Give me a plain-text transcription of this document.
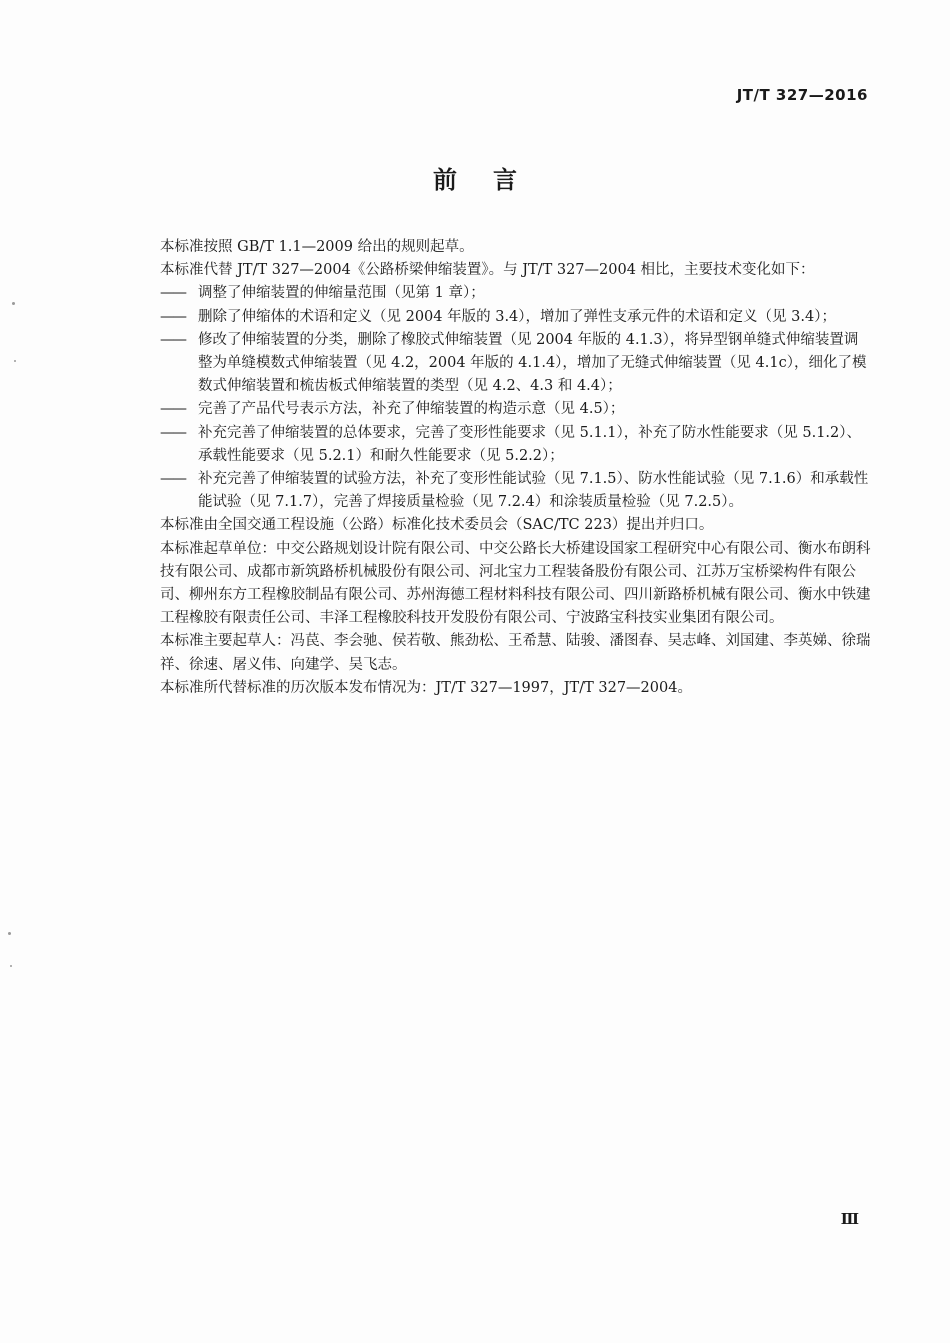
JT/T 327—2016
前言

本标准按照 GB/T 1.1—2009 给出的规则起草。

本标准代替 JT/T 327—2004《公路桥梁伸缩装置》。与 JT/T 327—2004 相比，主要技术变化如下：

—— 调整了伸缩装置的伸缩量范围（见第 1 章）；

—— 删除了伸缩体的术语和定义（见 2004 年版的 3.4），增加了弹性支承元件的术语和定义（见 3.4）；

—— 修改了伸缩装置的分类，删除了橡胶式伸缩装置（见 2004 年版的 4.1.3），将异型钢单缝式伸缩装置调整为单缝模数式伸缩装置（见 4.2，2004 年版的 4.1.4），增加了无缝式伸缩装置（见 4.1c），细化了模数式伸缩装置和梳齿板式伸缩装置的类型（见 4.2、4.3 和 4.4）；

—— 完善了产品代号表示方法，补充了伸缩装置的构造示意（见 4.5）；

—— 补充完善了伸缩装置的总体要求，完善了变形性能要求（见 5.1.1），补充了防水性能要求（见 5.1.2）、承载性能要求（见 5.2.1）和耐久性能要求（见 5.2.2）；

—— 补充完善了伸缩装置的试验方法，补充了变形性能试验（见 7.1.5）、防水性能试验（见 7.1.6）和承载性能试验（见 7.1.7），完善了焊接质量检验（见 7.2.4）和涂装质量检验（见 7.2.5）。

本标准由全国交通工程设施（公路）标准化技术委员会（SAC/TC 223）提出并归口。

本标准起草单位：中交公路规划设计院有限公司、中交公路长大桥建设国家工程研究中心有限公司、衡水布朗科技有限公司、成都市新筑路桥机械股份有限公司、河北宝力工程装备股份有限公司、江苏万宝桥梁构件有限公司、柳州东方工程橡胶制品有限公司、苏州海德工程材料科技有限公司、四川新路桥机械有限公司、衡水中铁建工程橡胶有限责任公司、丰泽工程橡胶科技开发股份有限公司、宁波路宝科技实业集团有限公司。

本标准主要起草人：冯苠、李会驰、侯若敬、熊劲松、王希慧、陆骏、潘图春、吴志峰、刘国建、李英娣、徐瑞祥、徐速、屠义伟、向建学、吴飞志。

本标准所代替标准的历次版本发布情况为：JT/T 327—1997，JT/T 327—2004。

Ⅲ
